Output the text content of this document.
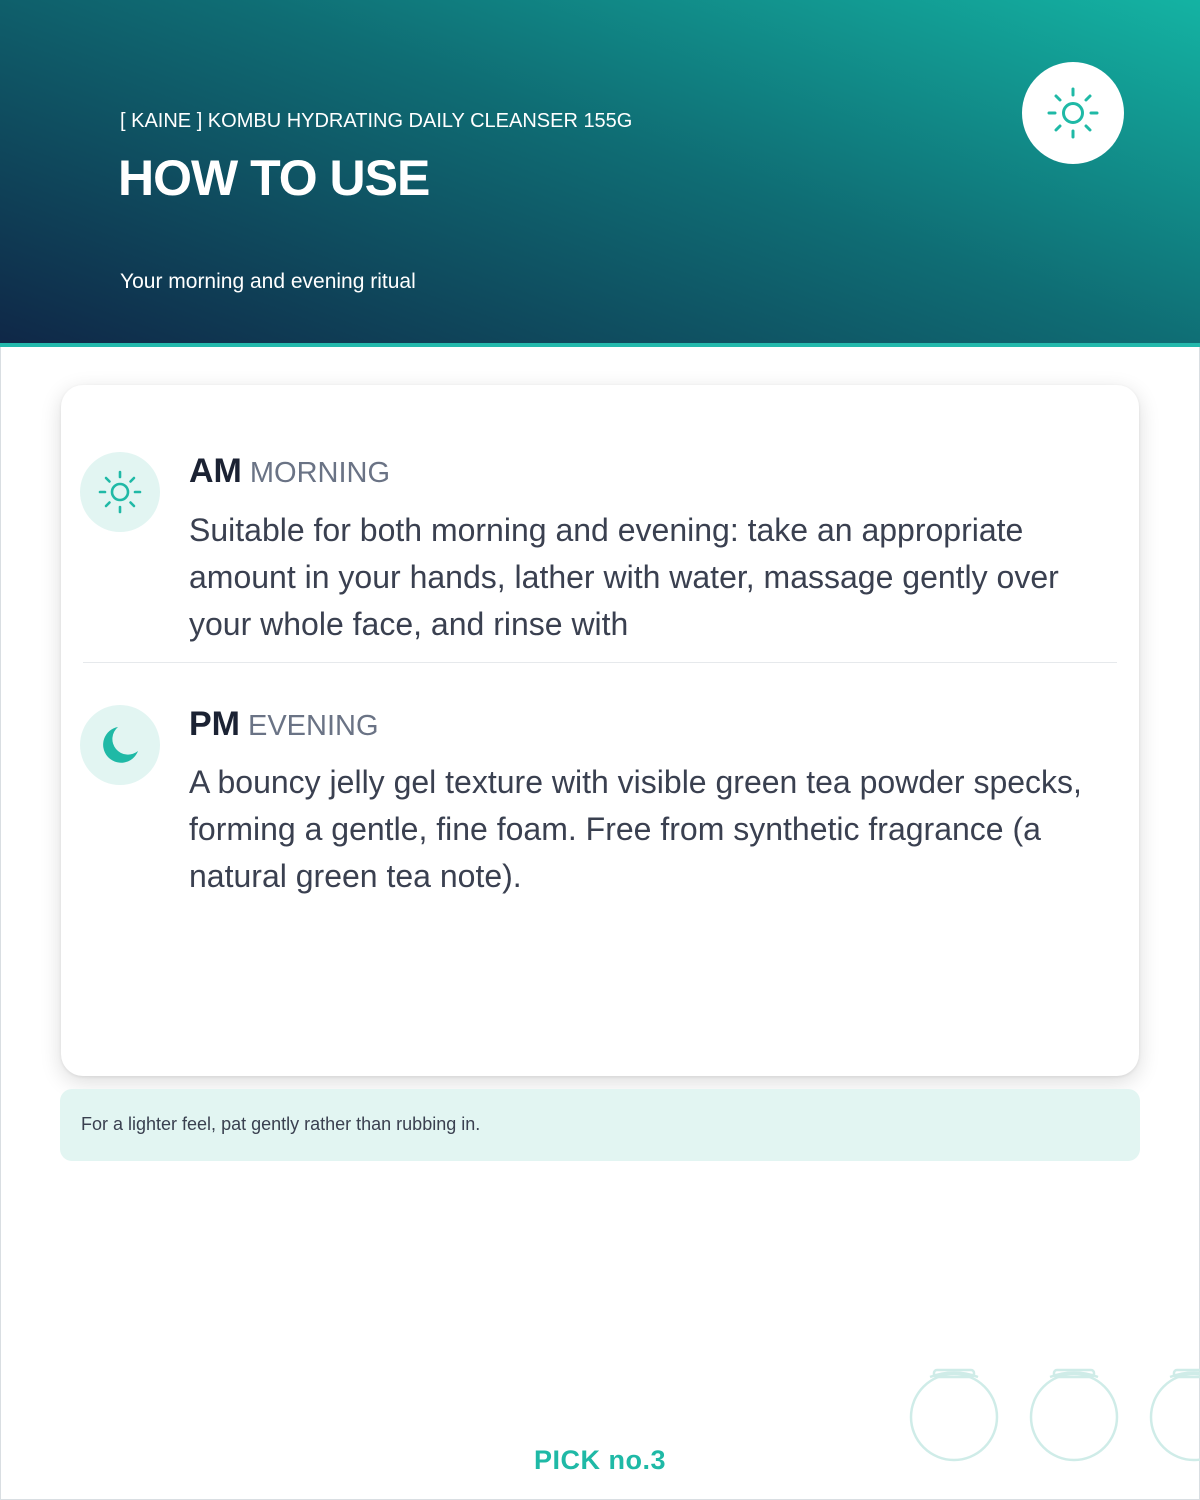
[ KAINE ] KOMBU HYDRATING DAILY CLEANSER 155G
HOW TO USE
Your morning and evening ritual
AM MORNING

Suitable for both morning and evening: take an appropriate amount in your hands, lather with water, massage gently over your whole face, and rinse with

PM EVENING

A bouncy jelly gel texture with visible green tea powder specks, forming a gentle, fine foam. Free from synthetic fragrance (a natural green tea note).

For a lighter feel, pat gently rather than rubbing in.
PICK no.3
